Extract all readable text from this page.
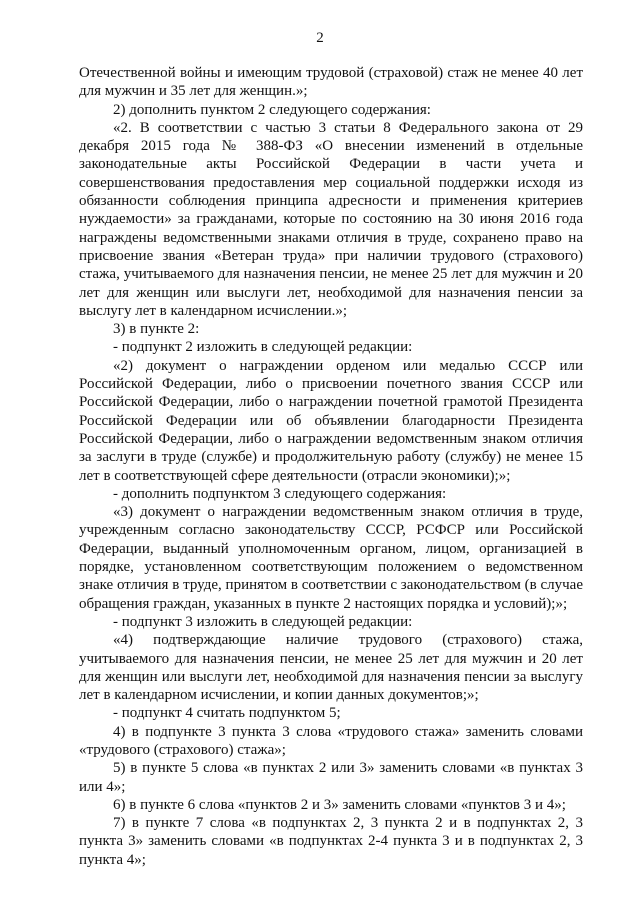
2

Отечественной войны и имеющим трудовой (страховой) стаж не менее 40 лет для мужчин и 35 лет для женщин.»;

2) дополнить пунктом 2 следующего содержания:

«2. В соответствии с частью 3 статьи 8 Федерального закона от 29 декабря 2015 года № 388-ФЗ «О внесении изменений в отдельные законодательные акты Российской Федерации в части учета и совершенствования предоставления мер социальной поддержки исходя из обязанности соблюдения принципа адресности и применения критериев нуждаемости» за гражданами, которые по состоянию на 30 июня 2016 года награждены ведомственными знаками отличия в труде, сохранено право на присвоение звания «Ветеран труда» при наличии трудового (страхового) стажа, учитываемого для назначения пенсии, не менее 25 лет для мужчин и 20 лет для женщин или выслуги лет, необходимой для назначения пенсии за выслугу лет в календарном исчислении.»;

3) в пункте 2:

- подпункт 2 изложить в следующей редакции:

«2) документ о награждении орденом или медалью СССР или Российской Федерации, либо о присвоении почетного звания СССР или Российской Федерации, либо о награждении почетной грамотой Президента Российской Федерации или об объявлении благодарности Президента Российской Федерации, либо о награждении ведомственным знаком отличия за заслуги в труде (службе) и продолжительную работу (службу) не менее 15 лет в соответствующей сфере деятельности (отрасли экономики);»;

- дополнить подпунктом 3 следующего содержания:

«3) документ о награждении ведомственным знаком отличия в труде, учрежденным согласно законодательству СССР, РСФСР или Российской Федерации, выданный уполномоченным органом, лицом, организацией в порядке, установленном соответствующим положением о ведомственном знаке отличия в труде, принятом в соответствии с законодательством (в случае обращения граждан, указанных в пункте 2 настоящих порядка и условий);»;

- подпункт 3 изложить в следующей редакции:

«4) подтверждающие наличие трудового (страхового) стажа, учитываемого для назначения пенсии, не менее 25 лет для мужчин и 20 лет для женщин или выслуги лет, необходимой для назначения пенсии за выслугу лет в календарном исчислении, и копии данных документов;»;

- подпункт 4 считать подпунктом 5;

4) в подпункте 3 пункта 3 слова «трудового стажа» заменить словами «трудового (страхового) стажа»;

5) в пункте 5 слова «в пунктах 2 или 3» заменить словами «в пунктах 3 или 4»;

6) в пункте 6 слова «пунктов 2 и 3» заменить словами «пунктов 3 и 4»;

7) в пункте 7 слова «в подпунктах 2, 3 пункта 2 и в подпунктах 2, 3 пункта 3» заменить словами «в подпунктах 2-4 пункта 3 и в подпунктах 2, 3 пункта 4»;
